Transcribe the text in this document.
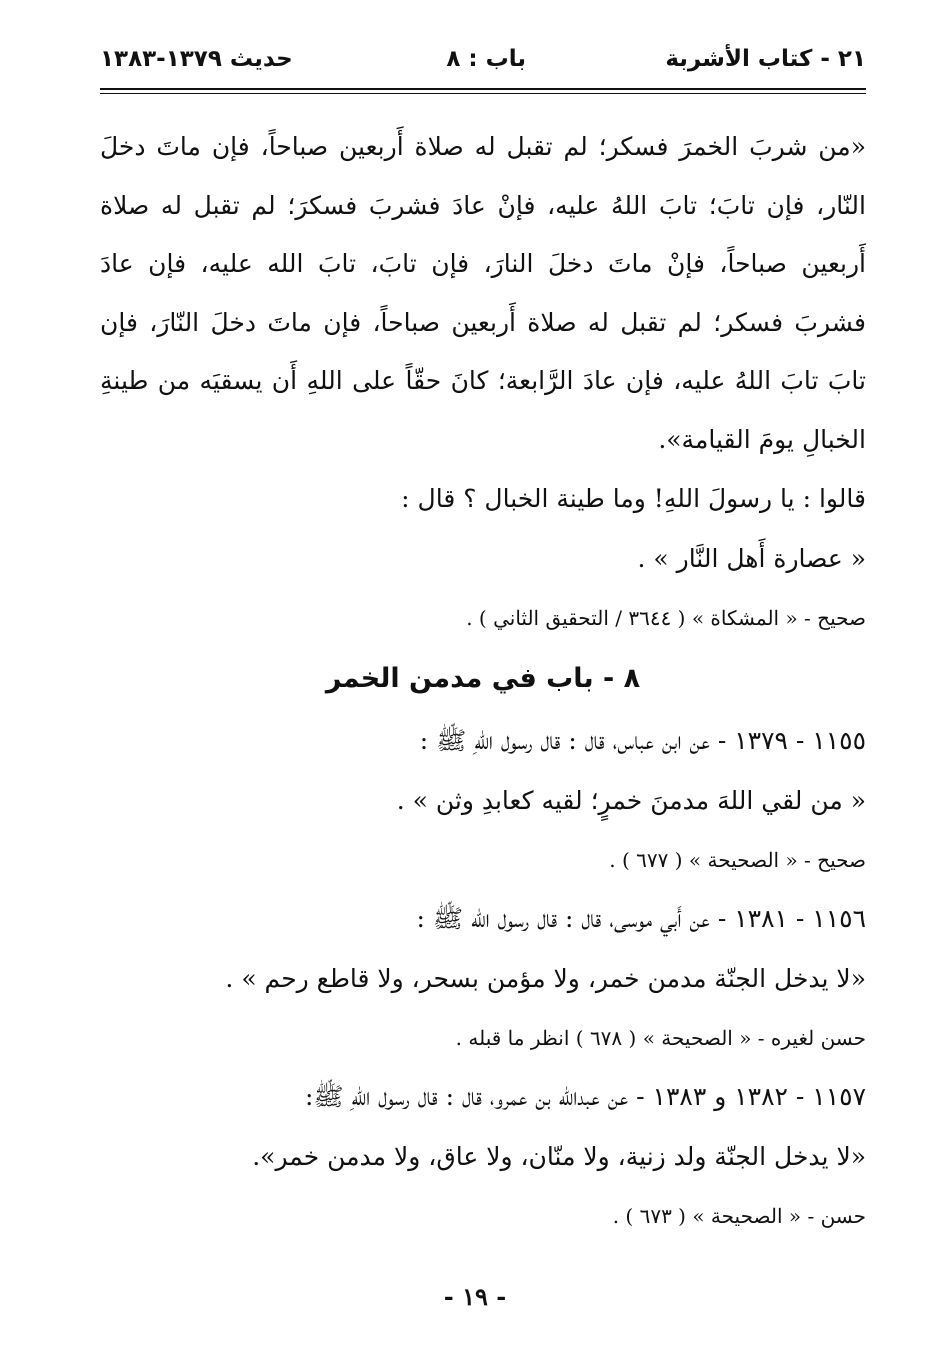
٢١ - كتاب الأشربة
باب : ٨
حديث ١٣٧٩-١٣٨٣

«من شربَ الخمرَ فسكر؛ لم تقبل له صلاة أَربعين صباحاً، فإن ماتَ دخلَ النّار، فإن تابَ؛ تابَ اللهُ عليه، فإنْ عادَ فشربَ فسكرَ؛ لم تقبل له صلاة أَربعين صباحاً، فإنْ ماتَ دخلَ النارَ، فإن تابَ، تابَ الله عليه، فإن عادَ فشربَ فسكر؛ لم تقبل له صلاة أَربعين صباحاً، فإن ماتَ دخلَ النّارَ، فإن تابَ تابَ اللهُ عليه، فإن عادَ الرَّابعة؛ كانَ حقّاً على اللهِ أَن يسقيَه من طينةِ الخبالِ يومَ القيامة».

قالوا : يا رسولَ اللهِ! وما طينة الخبال ؟ قال :

« عصارة أَهل النَّار » .

صحيح - « المشكاة » ( ٣٦٤٤ / التحقيق الثاني ) .

٨ - باب في مدمن الخمر

١١٥٥ - ١٣٧٩ - عن ابن عباس، قال : قال رسول اللهِ ﷺ :

« من لقي اللهَ مدمنَ خمرٍ؛ لقيه كعابدِ وثن » .

صحيح - « الصحيحة » ( ٦٧٧ ) .

١١٥٦ - ١٣٨١ - عن أَبي موسى، قال : قال رسول الله ﷺ :

«لا يدخل الجنّة مدمن خمر، ولا مؤمن بسحر، ولا قاطع رحم » .

حسن لغيره - « الصحيحة » ( ٦٧٨ ) انظر ما قبله .

١١٥٧ - ١٣٨٢ و ١٣٨٣ - عن عبدالله بن عمرو، قال : قال رسول اللهِ ﷺ:

«لا يدخل الجنّة ولد زنية، ولا منّان، ولا عاق، ولا مدمن خمر».

حسن - « الصحيحة » ( ٦٧٣ ) .

- ١٩ -
